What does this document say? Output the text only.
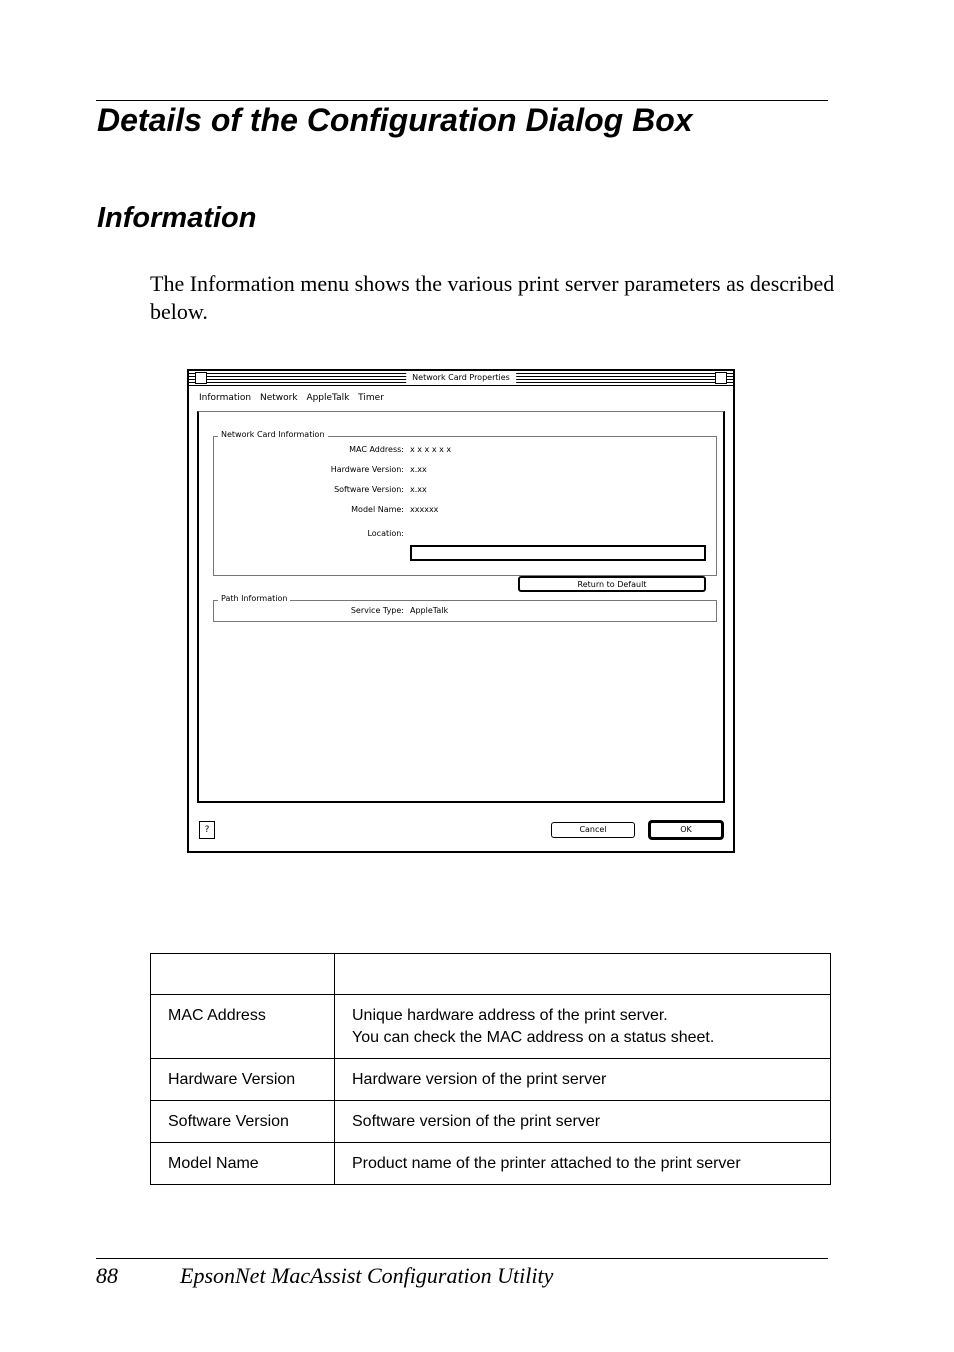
Details of the Configuration Dialog Box
Information

The Information menu shows the various print server parameters as described below.

Network Card Properties
Information Network AppleTalk Timer
Network Card Information
MAC Address: x x x x x x
Hardware Version: x.xx
Software Version: x.xx
Model Name: xxxxxx
Location:
Return to Default
Path Information
Service Type: AppleTalk
?	Cancel	OK

MAC Address	Unique hardware address of the print server.
You can check the MAC address on a status sheet.

Hardware Version	Hardware version of the print server
Software Version	Software version of the print server
Model Name	Product name of the printer attached to the print server
88	EpsonNet MacAssist Configuration Utility
